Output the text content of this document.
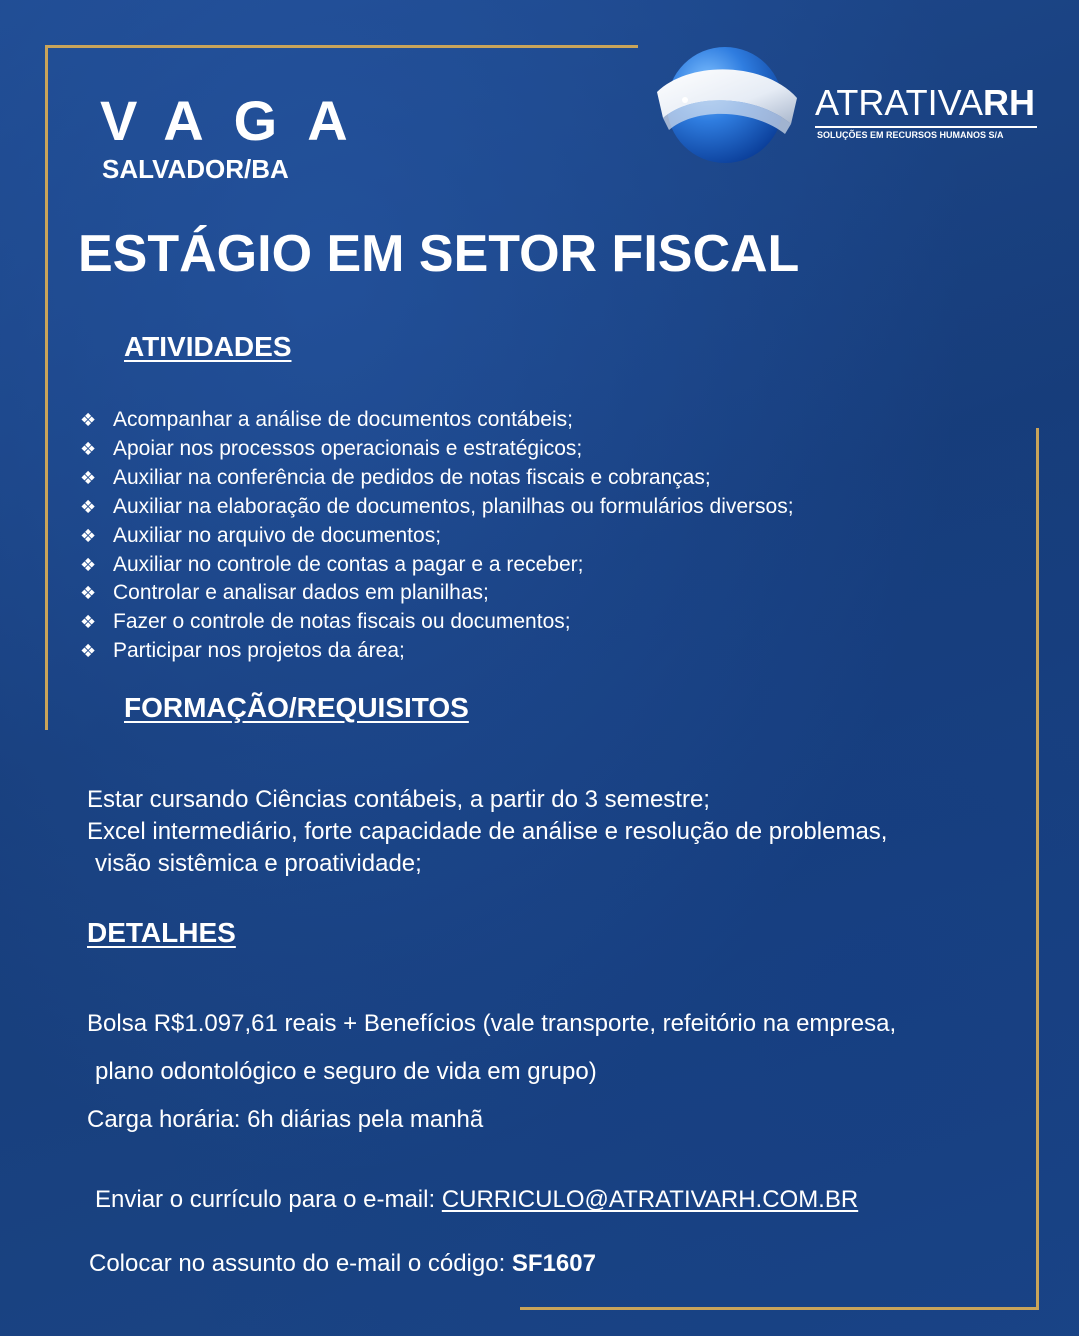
VAGA
SALVADOR/BA
ESTÁGIO EM SETOR FISCAL
ATRATIVARH
SOLUÇÕES EM RECURSOS HUMANOS S/A
ATIVIDADES
❖ Acompanhar a análise de documentos contábeis;
❖ Apoiar nos processos operacionais e estratégicos;
❖ Auxiliar na conferência de pedidos de notas fiscais e cobranças;
❖ Auxiliar na elaboração de documentos, planilhas ou formulários diversos;
❖ Auxiliar no arquivo de documentos;
❖ Auxiliar no controle de contas a pagar e a receber;
❖ Controlar e analisar dados em planilhas;
❖ Fazer o controle de notas fiscais ou documentos;
❖ Participar nos projetos da área;
FORMAÇÃO/REQUISITOS
Estar cursando Ciências contábeis, a partir do 3 semestre;
Excel intermediário, forte capacidade de análise e resolução de problemas,
visão sistêmica e proatividade;
DETALHES
Bolsa R$1.097,61 reais + Benefícios (vale transporte, refeitório na empresa,
plano odontológico e seguro de vida em grupo)
Carga horária: 6h diárias pela manhã
Enviar o currículo para o e-mail: CURRICULO@ATRATIVARH.COM.BR
Colocar no assunto do e-mail o código: SF1607
